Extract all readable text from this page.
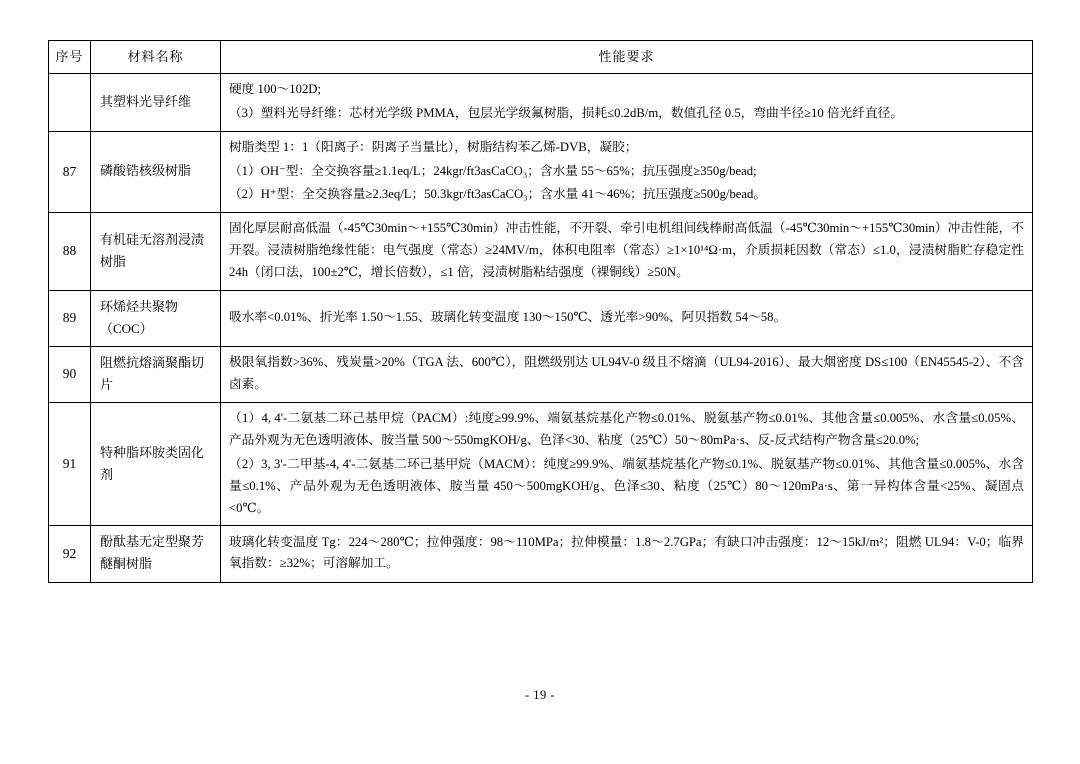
序号	材料名称	性能要求
	其塑料光导纤维	硬度 100～102D;

（3）塑料光导纤维：芯材光学级 PMMA，包层光学级氟树脂，损耗≤0.2dB/m，数值孔径 0.5，弯曲半径≥10 倍光纤直径。

87	磷酸锆核级树脂	树脂类型 1：1（阳离子：阴离子当量比），树脂结构苯乙烯-DVB，凝胶；

（1）OH⁻型：全交换容量≥1.1eq/L；24kgr/ft3asCaCO₃；含水量 55～65%；抗压强度≥350g/bead;

（2）H⁺型：全交换容量≥2.3eq/L；50.3kgr/ft3asCaCO₃；含水量 41～46%；抗压强度≥500g/bead。

88	有机硅无溶剂浸渍树脂	固化厚层耐高低温（-45℃30min～+155℃30min）冲击性能，不开裂、牵引电机组间线棒耐高低温（-45℃30min～+155℃30min）冲击性能，不开裂。浸渍树脂绝缘性能：电气强度（常态）≥24MV/m，体积电阻率（常态）≥1×10¹⁴Ω·m，介质损耗因数（常态）≤1.0，浸渍树脂贮存稳定性 24h（闭口法，100±2℃，增长倍数），≤1 倍，浸渍树脂粘结强度（裸铜线）≥50N。

89	环烯烃共聚物（COC）	吸水率<0.01%、折光率 1.50～1.55、玻璃化转变温度 130～150℃、透光率>90%、阿贝指数 54～58。

90	阻燃抗熔滴聚酯切片	极限氧指数>36%、残炭量>20%（TGA 法、600℃），阻燃级别达 UL94V-0 级且不熔滴（UL94-2016）、最大烟密度 DS≤100（EN45545-2）、不含卤素。

91	特种脂环胺类固化剂	（1）4, 4'-二氨基二环己基甲烷（PACM）:纯度≥99.9%、端氨基烷基化产物≤0.01%、脱氨基产物≤0.01%、其他含量≤0.005%、水含量≤0.05%、产品外观为无色透明液体、胺当量 500～550mgKOH/g、色泽<30、粘度（25℃）50～80mPa·s、反-反式结构产物含量≤20.0%;

（2）3, 3'-二甲基-4, 4'-二氨基二环己基甲烷（MACM）：纯度≥99.9%、端氨基烷基化产物≤0.1%、脱氨基产物≤0.01%、其他含量≤0.005%、水含量≤0.1%、产品外观为无色透明液体、胺当量 450～500mgKOH/g、色泽≤30、粘度（25℃）80～120mPa·s、第一异构体含量<25%、凝固点<0℃。

92	酚酞基无定型聚芳醚酮树脂	玻璃化转变温度 Tg：224～280℃；拉伸强度：98～110MPa；拉伸模量：1.8～2.7GPa；有缺口冲击强度：12～15kJ/m²；阻燃 UL94：V-0；临界氧指数：≥32%；可溶解加工。

- 19 -
